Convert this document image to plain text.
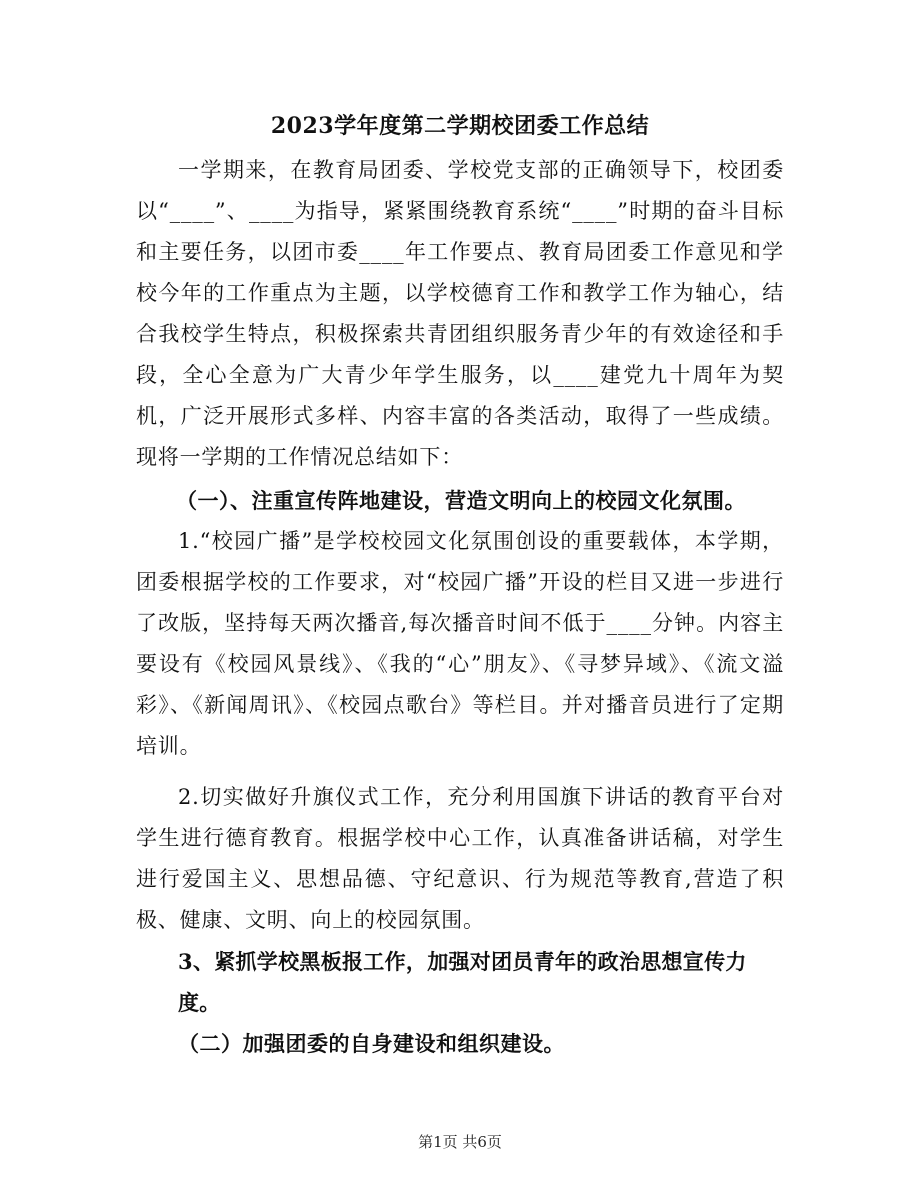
2023学年度第二学期校团委工作总结

一学期来，在教育局团委、学校党支部的正确领导下，校团委以“____”、____为指导，紧紧围绕教育系统“____”时期的奋斗目标和主要任务，以团市委____年工作要点、教育局团委工作意见和学校今年的工作重点为主题，以学校德育工作和教学工作为轴心，结合我校学生特点，积极探索共青团组织服务青少年的有效途径和手段，全心全意为广大青少年学生服务，以____建党九十周年为契机，广泛开展形式多样、内容丰富的各类活动，取得了一些成绩。现将一学期的工作情况总结如下：

（一）、注重宣传阵地建设，营造文明向上的校园文化氛围。

1.“校园广播”是学校校园文化氛围创设的重要载体，本学期，团委根据学校的工作要求，对“校园广播”开设的栏目又进一步进行了改版，坚持每天两次播音,每次播音时间不低于____分钟。内容主要设有《校园风景线》、《我的“心”朋友》、《寻梦异域》、《流文溢彩》、《新闻周讯》、《校园点歌台》等栏目。并对播音员进行了定期培训。

2.切实做好升旗仪式工作，充分利用国旗下讲话的教育平台对学生进行德育教育。根据学校中心工作，认真准备讲话稿，对学生进行爱国主义、思想品德、守纪意识、行为规范等教育,营造了积极、健康、文明、向上的校园氛围。

3、紧抓学校黑板报工作，加强对团员青年的政治思想宣传力度。

（二）加强团委的自身建设和组织建设。

第1页 共6页
